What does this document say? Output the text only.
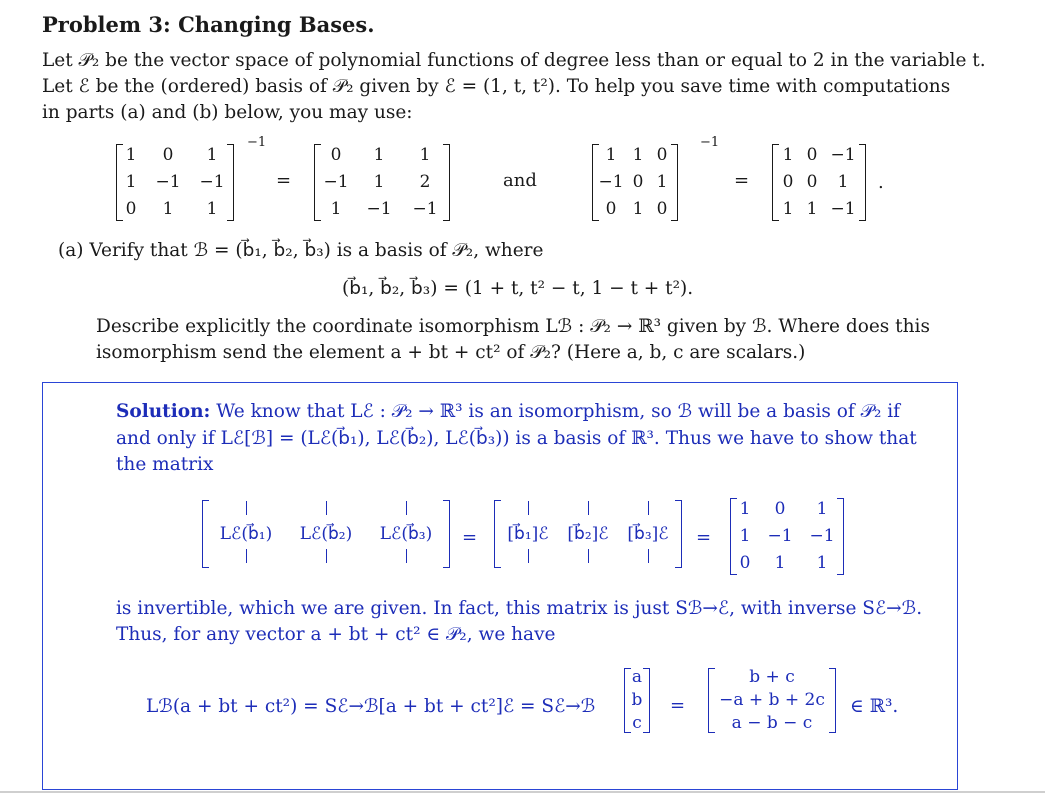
Problem 3: Changing Bases.
Let 𝒫₂ be the vector space of polynomial functions of degree less than or equal to 2 in the variable t.
Let ℰ be the (ordered) basis of 𝒫₂ given by ℰ = (1, t, t²). To help you save time with computations
in parts (a) and (b) below, you may use:
1	0	1
1	−1	−1
0	1	1
−1
=
0	1	1
−1	1	2
1	−1	−1
and
1 1 0
−1 0 1
0 1 0
−1
=
1 0 −1
0 0	1
1 1 −1
.
(a) Verify that ℬ = (b⃗₁, b⃗₂, b⃗₃) is a basis of 𝒫₂, where
(b⃗₁, b⃗₂, b⃗₃) = (1 + t, t² − t, 1 − t + t²).
Describe explicitly the coordinate isomorphism Lℬ : 𝒫₂ → ℝ³ given by ℬ. Where does this
isomorphism send the element a + bt + ct² of 𝒫₂? (Here a, b, c are scalars.)
Solution: We know that Lℰ : 𝒫₂ → ℝ³ is an isomorphism, so ℬ will be a basis of 𝒫₂ if
and only if Lℰ[ℬ] = (Lℰ(b⃗₁), Lℰ(b⃗₂), Lℰ(b⃗₃)) is a basis of ℝ³. Thus we have to show that
the matrix
Lℰ(b⃗₁)	Lℰ(b⃗₂)	Lℰ(b⃗₃)	=	[b⃗₁]ℰ	[b⃗₂]ℰ	[b⃗₃]ℰ	=
1	0	1
1	−1 −1
0	1	1
is invertible, which we are given. In fact, this matrix is just Sℬ→ℰ, with inverse Sℰ→ℬ.
Thus, for any vector a + bt + ct² ∈ 𝒫₂, we have
Lℬ(a + bt + ct²) = Sℰ→ℬ[a + bt + ct²]ℰ = Sℰ→ℬ
a
b
c
=
b + c
−a + b + 2c
a − b − c
∈ ℝ³.
